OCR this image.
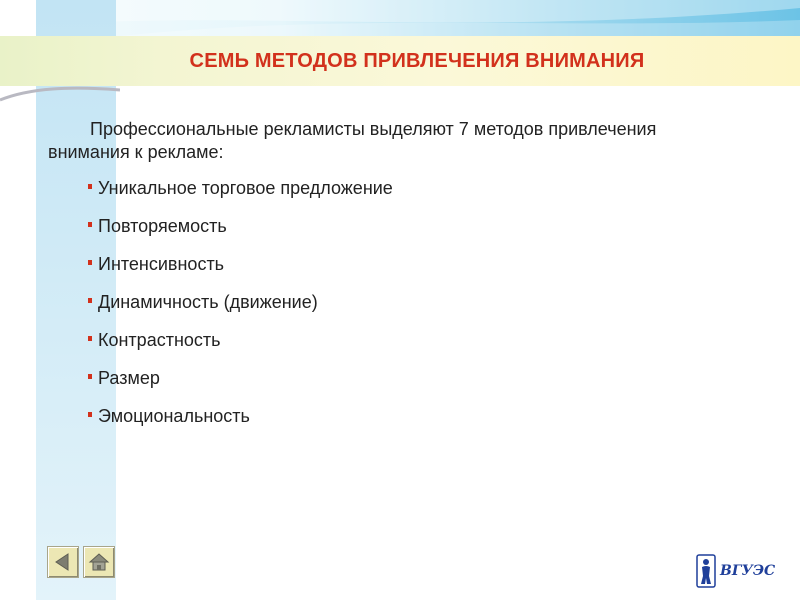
СЕМЬ МЕТОДОВ ПРИВЛЕЧЕНИЯ ВНИМАНИЯ

Профессиональные рекламисты выделяют 7 методов привлечения внимания к рекламе:

Уникальное торговое предложение
Повторяемость
Интенсивность
Динамичность (движение)
Контрастность
Размер
Эмоциональность
ВГУЭС
